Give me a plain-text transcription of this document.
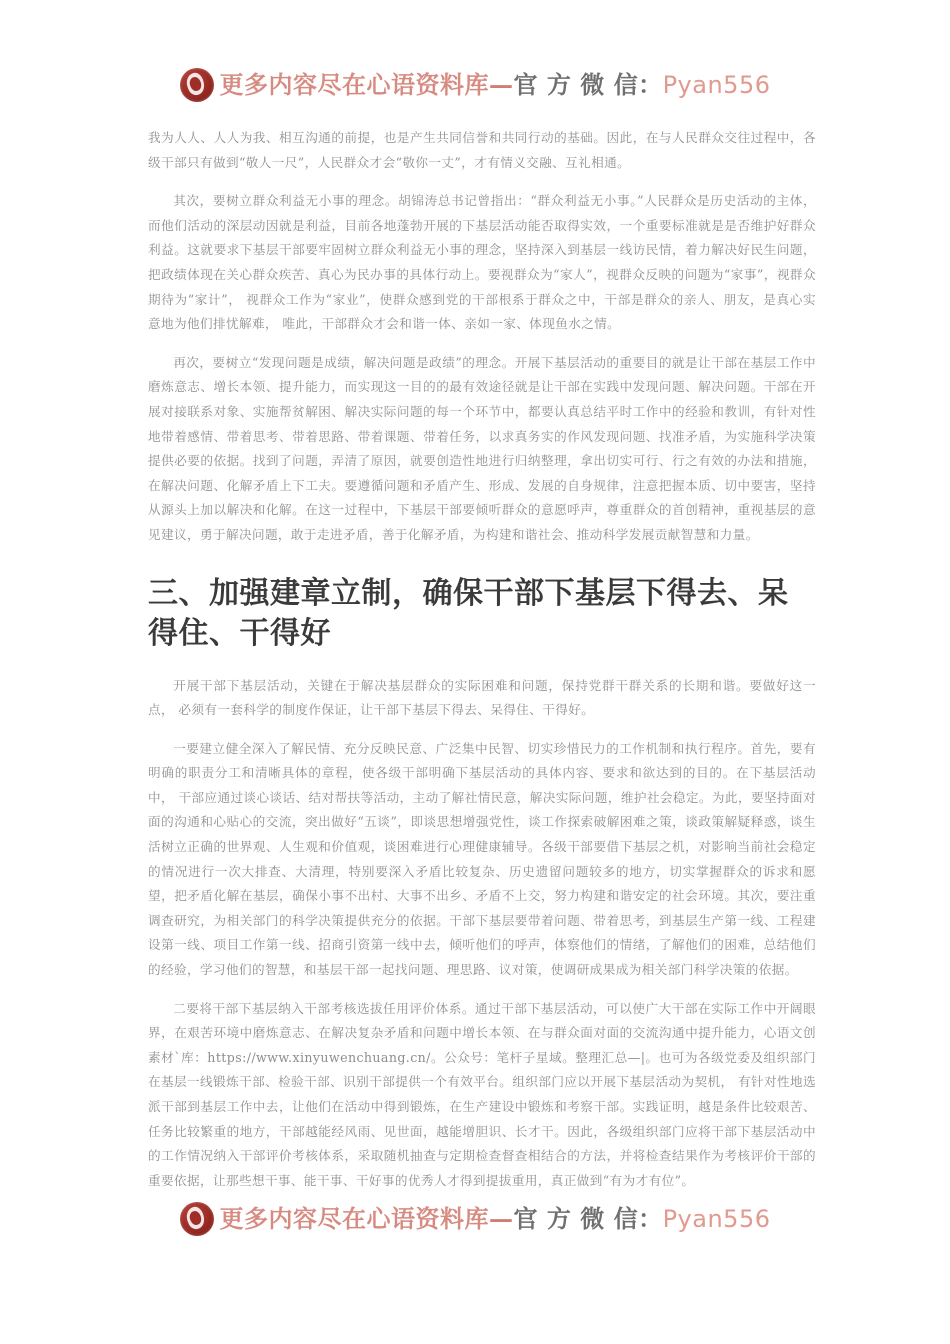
更多内容尽在心语资料库—官 方 微 信：Pyan556

我为人人、人人为我、相互沟通的前提，也是产生共同信誉和共同行动的基础。因此，在与人民群众交往过程中，各级干部只有做到“敬人一尺”，人民群众才会“敬你一丈”，才有情义交融、互礼相通。

其次，要树立群众利益无小事的理念。胡锦涛总书记曾指出：“群众利益无小事。”人民群众是历史活动的主体，而他们活动的深层动因就是利益，目前各地蓬勃开展的下基层活动能否取得实效，一个重要标准就是是否维护好群众利益。这就要求下基层干部要牢固树立群众利益无小事的理念，坚持深入到基层一线访民情，着力解决好民生问题，把政绩体现在关心群众疾苦、真心为民办事的具体行动上。要视群众为“家人”，视群众反映的问题为“家事”，视群众期待为“家计”， 视群众工作为“家业”，使群众感到党的干部根系于群众之中，干部是群众的亲人、朋友，是真心实意地为他们排忧解难， 唯此，干部群众才会和谐一体、亲如一家、体现鱼水之情。

再次，要树立“发现问题是成绩，解决问题是政绩”的理念。开展下基层活动的重要目的就是让干部在基层工作中磨炼意志、增长本领、提升能力，而实现这一目的的最有效途径就是让干部在实践中发现问题、解决问题。干部在开展对接联系对象、实施帮贫解困、解决实际问题的每一个环节中，都要认真总结平时工作中的经验和教训，有针对性地带着感情、带着思考、带着思路、带着课题、带着任务，以求真务实的作风发现问题、找准矛盾，为实施科学决策提供必要的依据。找到了问题，弄清了原因，就要创造性地进行归纳整理，拿出切实可行、行之有效的办法和措施，在解决问题、化解矛盾上下工夫。要遵循问题和矛盾产生、形成、发展的自身规律，注意把握本质、切中要害，坚持从源头上加以解决和化解。在这一过程中，下基层干部要倾听群众的意愿呼声，尊重群众的首创精神，重视基层的意见建议，勇于解决问题，敢于走进矛盾，善于化解矛盾，为构建和谐社会、推动科学发展贡献智慧和力量。

三、加强建章立制，确保干部下基层下得去、呆得住、干得好

开展干部下基层活动，关键在于解决基层群众的实际困难和问题，保持党群干群关系的长期和谐。要做好这一点， 必须有一套科学的制度作保证，让干部下基层下得去、呆得住、干得好。

一要建立健全深入了解民情、充分反映民意、广泛集中民智、切实珍惜民力的工作机制和执行程序。首先，要有明确的职责分工和清晰具体的章程，使各级干部明确下基层活动的具体内容、要求和欲达到的目的。在下基层活动中， 干部应通过谈心谈话、结对帮扶等活动，主动了解社情民意，解决实际问题，维护社会稳定。为此，要坚持面对面的沟通和心贴心的交流，突出做好“五谈”，即谈思想增强党性，谈工作探索破解困难之策，谈政策解疑释惑，谈生活树立正确的世界观、人生观和价值观，谈困难进行心理健康辅导。各级干部要借下基层之机，对影响当前社会稳定的情况进行一次大排查、大清理，特别要深入矛盾比较复杂、历史遗留问题较多的地方，切实掌握群众的诉求和愿望，把矛盾化解在基层，确保小事不出村、大事不出乡、矛盾不上交，努力构建和谐安定的社会环境。其次，要注重调查研究，为相关部门的科学决策提供充分的依据。干部下基层要带着问题、带着思考，到基层生产第一线、工程建设第一线、项目工作第一线、招商引资第一线中去，倾听他们的呼声，体察他们的情绪，了解他们的困难，总结他们的经验，学习他们的智慧，和基层干部一起找问题、理思路、议对策，使调研成果成为相关部门科学决策的依据。

二要将干部下基层纳入干部考核选拔任用评价体系。通过干部下基层活动，可以使广大干部在实际工作中开阔眼界，在艰苦环境中磨炼意志、在解决复杂矛盾和问题中增长本领、在与群众面对面的交流沟通中提升能力，心语文创素材`库：https://www.xinyuwenchuang.cn/。公众号：笔杆子星域。整理汇总—|。也可为各级党委及组织部门在基层一线锻炼干部、检验干部、识别干部提供一个有效平台。组织部门应以开展下基层活动为契机， 有针对性地选派干部到基层工作中去，让他们在活动中得到锻炼，在生产建设中锻炼和考察干部。实践证明，越是条件比较艰苦、任务比较繁重的地方，干部越能经风雨、见世面，越能增胆识、长才干。因此，各级组织部门应将干部下基层活动中的工作情况纳入干部评价考核体系，采取随机抽查与定期检查督查相结合的方法，并将检查结果作为考核评价干部的重要依据，让那些想干事、能干事、干好事的优秀人才得到提拔重用，真正做到“有为才有位”。

更多内容尽在心语资料库—官 方 微 信：Pyan556
